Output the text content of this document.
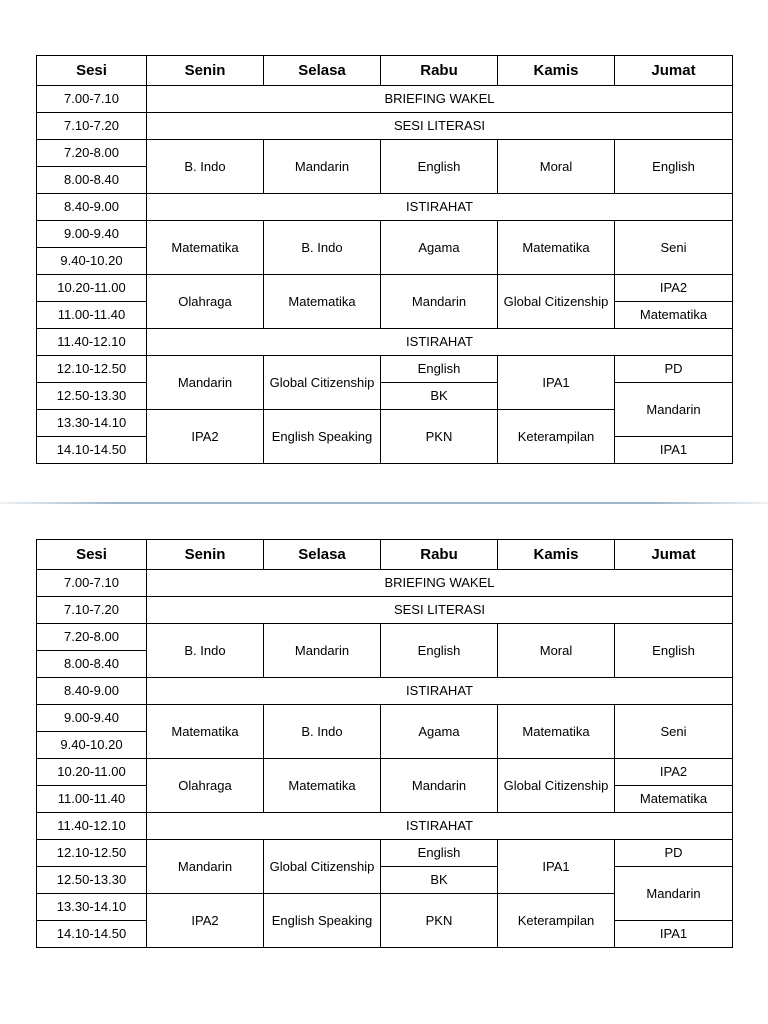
Sesi	Senin	Selasa	Rabu	Kamis	Jumat
7.00-7.10	BRIEFING WAKEL				
7.10-7.20	SESI LITERASI				
7.20-8.00	B. Indo	Mandarin	English	Moral	English
8.00-8.40					
8.40-9.00	ISTIRAHAT				
9.00-9.40	Matematika	B. Indo	Agama	Matematika	Seni
9.40-10.20					
10.20-11.00	Olahraga	Matematika	Mandarin	Global Citizenship	IPA2
11.00-11.40					Matematika
11.40-12.10	ISTIRAHAT				
12.10-12.50	Mandarin	Global Citizenship	English	IPA1	PD
12.50-13.30			BK		Mandarin
13.30-14.10	IPA2	English Speaking	PKN	Keterampilan	
14.10-14.50					IPA1
Sesi	Senin	Selasa	Rabu	Kamis	Jumat
7.00-7.10	BRIEFING WAKEL				
7.10-7.20	SESI LITERASI				
7.20-8.00	B. Indo	Mandarin	English	Moral	English
8.00-8.40					
8.40-9.00	ISTIRAHAT				
9.00-9.40	Matematika	B. Indo	Agama	Matematika	Seni
9.40-10.20					
10.20-11.00	Olahraga	Matematika	Mandarin	Global Citizenship	IPA2
11.00-11.40					Matematika
11.40-12.10	ISTIRAHAT				
12.10-12.50	Mandarin	Global Citizenship	English	IPA1	PD
12.50-13.30			BK		Mandarin
13.30-14.10	IPA2	English Speaking	PKN	Keterampilan	
14.10-14.50					IPA1
